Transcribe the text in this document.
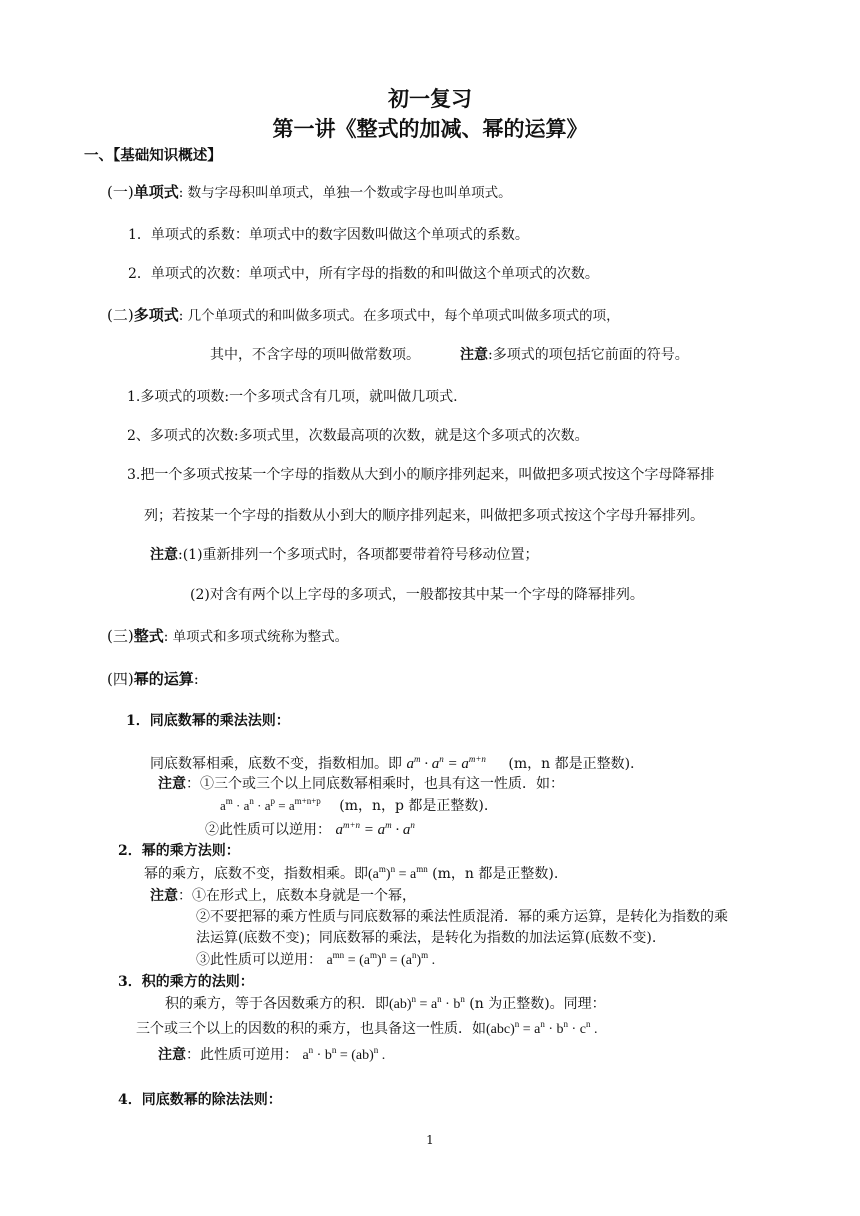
初一复习
第一讲《整式的加减、幂的运算》
一、【基础知识概述】
(一)单项式: 数与字母积叫单项式，单独一个数或字母也叫单项式。
1．单项式的系数：单项式中的数字因数叫做这个单项式的系数。
2．单项式的次数：单项式中，所有字母的指数的和叫做这个单项式的次数。
(二)多项式: 几个单项式的和叫做多项式。在多项式中，每个单项式叫做多项式的项，
其中，不含字母的项叫做常数项。	注意:多项式的项包括它前面的符号。
1.多项式的项数:一个多项式含有几项，就叫做几项式.
2、多项式的次数:多项式里，次数最高项的次数，就是这个多项式的次数。
3.把一个多项式按某一个字母的指数从大到小的顺序排列起来，叫做把多项式按这个字母降幂排
列；若按某一个字母的指数从小到大的顺序排列起来，叫做把多项式按这个字母升幂排列。
注意:(1)重新排列一个多项式时，各项都要带着符号移动位置；
(2)对含有两个以上字母的多项式，一般都按其中某一个字母的降幂排列。
(三)整式: 单项式和多项式统称为整式。
(四)幂的运算:
1．同底数幂的乘法法则：
同底数幂相乘，底数不变，指数相加。即 $a^m \cdot a^n = a^{m+n}$ (m，n 都是正整数).
注意：①三个或三个以上同底数幂相乘时，也具有这一性质．如：
$a^m \cdot a^n \cdot a^p = a^{m+n+p}$ (m，n，p 都是正整数).
②此性质可以逆用： $a^{m+n} = a^m \cdot a^n$
2．幂的乘方法则：
幂的乘方，底数不变，指数相乘。即$(a^m)^n = a^{mn}$ (m，n 都是正整数).
注意：①在形式上，底数本身就是一个幂，
②不要把幂的乘方性质与同底数幂的乘法性质混淆．幂的乘方运算，是转化为指数的乘
法运算(底数不变)；同底数幂的乘法，是转化为指数的加法运算(底数不变).
③此性质可以逆用： $a^{mn} = (a^m)^n = (a^n)^m$ .
3．积的乘方的法则：
积的乘方，等于各因数乘方的积．即$(ab)^n = a^n \cdot b^n$ (n 为正整数)。同理：
三个或三个以上的因数的积的乘方，也具备这一性质．如$(abc)^n = a^n \cdot b^n \cdot c^n$ .
注意：此性质可逆用： $a^n \cdot b^n = (ab)^n$ .
4．同底数幂的除法法则：
1
